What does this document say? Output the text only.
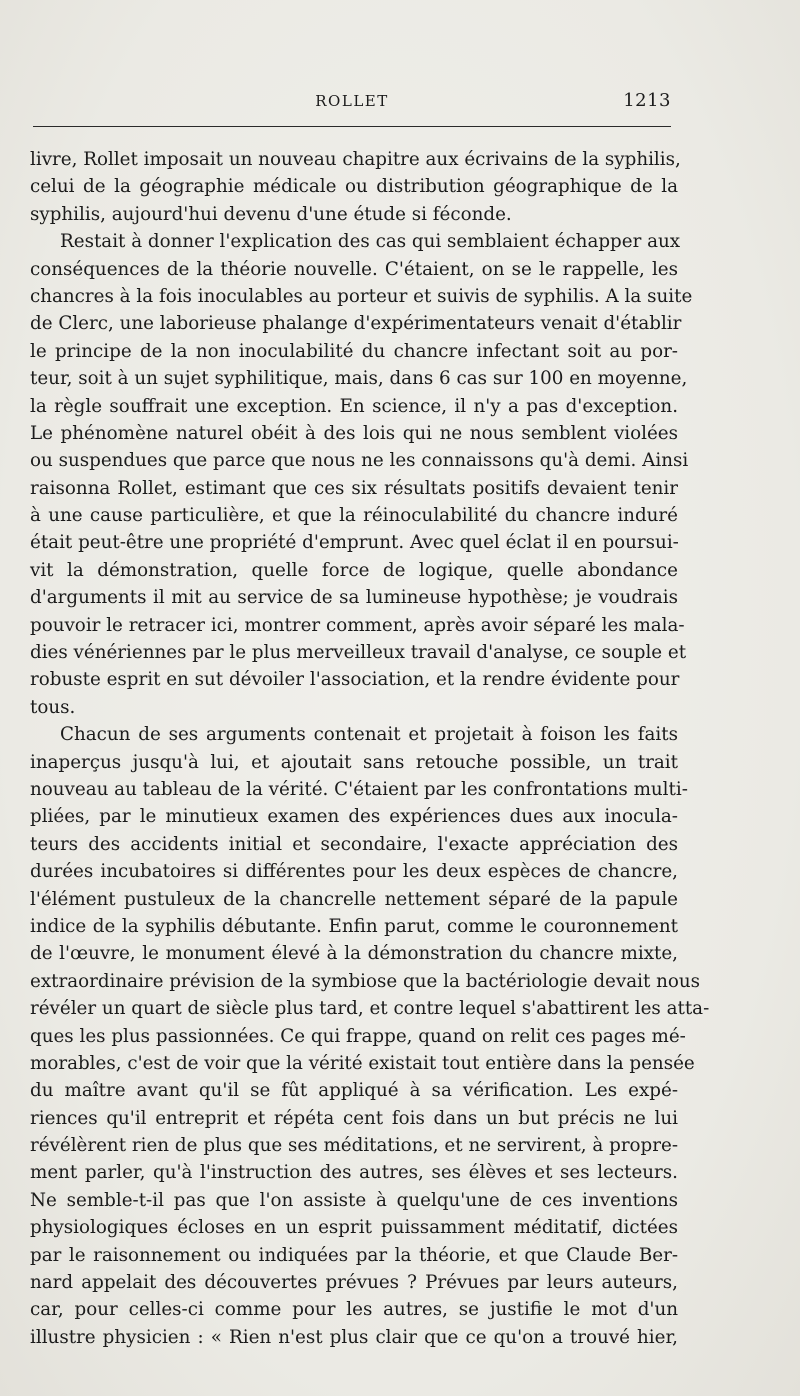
ROLLET	1213
livre, Rollet imposait un nouveau chapitre aux écrivains de la syphilis,
celui de la géographie médicale ou distribution géographique de la
syphilis, aujourd'hui devenu d'une étude si féconde.
Restait à donner l'explication des cas qui semblaient échapper aux
conséquences de la théorie nouvelle. C'étaient, on se le rappelle, les
chancres à la fois inoculables au porteur et suivis de syphilis. A la suite
de Clerc, une laborieuse phalange d'expérimentateurs venait d'établir
le principe de la non inoculabilité du chancre infectant soit au por-
teur, soit à un sujet syphilitique, mais, dans 6 cas sur 100 en moyenne,
la règle souffrait une exception. En science, il n'y a pas d'exception.
Le phénomène naturel obéit à des lois qui ne nous semblent violées
ou suspendues que parce que nous ne les connaissons qu'à demi. Ainsi
raisonna Rollet, estimant que ces six résultats positifs devaient tenir
à une cause particulière, et que la réinoculabilité du chancre induré
était peut-être une propriété d'emprunt. Avec quel éclat il en poursui-
vit la démonstration, quelle force de logique, quelle abondance
d'arguments il mit au service de sa lumineuse hypothèse; je voudrais
pouvoir le retracer ici, montrer comment, après avoir séparé les mala-
dies vénériennes par le plus merveilleux travail d'analyse, ce souple et
robuste esprit en sut dévoiler l'association, et la rendre évidente pour
tous.
Chacun de ses arguments contenait et projetait à foison les faits
inaperçus jusqu'à lui, et ajoutait sans retouche possible, un trait
nouveau au tableau de la vérité. C'étaient par les confrontations multi-
pliées, par le minutieux examen des expériences dues aux inocula-
teurs des accidents initial et secondaire, l'exacte appréciation des
durées incubatoires si différentes pour les deux espèces de chancre,
l'élément pustuleux de la chancrelle nettement séparé de la papule
indice de la syphilis débutante. Enfin parut, comme le couronnement
de l'œuvre, le monument élevé à la démonstration du chancre mixte,
extraordinaire prévision de la symbiose que la bactériologie devait nous
révéler un quart de siècle plus tard, et contre lequel s'abattirent les atta-
ques les plus passionnées. Ce qui frappe, quand on relit ces pages mé-
morables, c'est de voir que la vérité existait tout entière dans la pensée
du maître avant qu'il se fût appliqué à sa vérification. Les expé-
riences qu'il entreprit et répéta cent fois dans un but précis ne lui
révélèrent rien de plus que ses méditations, et ne servirent, à propre-
ment parler, qu'à l'instruction des autres, ses élèves et ses lecteurs.
Ne semble-t-il pas que l'on assiste à quelqu'une de ces inventions
physiologiques écloses en un esprit puissamment méditatif, dictées
par le raisonnement ou indiquées par la théorie, et que Claude Ber-
nard appelait des découvertes prévues ? Prévues par leurs auteurs,
car, pour celles-ci comme pour les autres, se justifie le mot d'un
illustre physicien : « Rien n'est plus clair que ce qu'on a trouvé hier,
